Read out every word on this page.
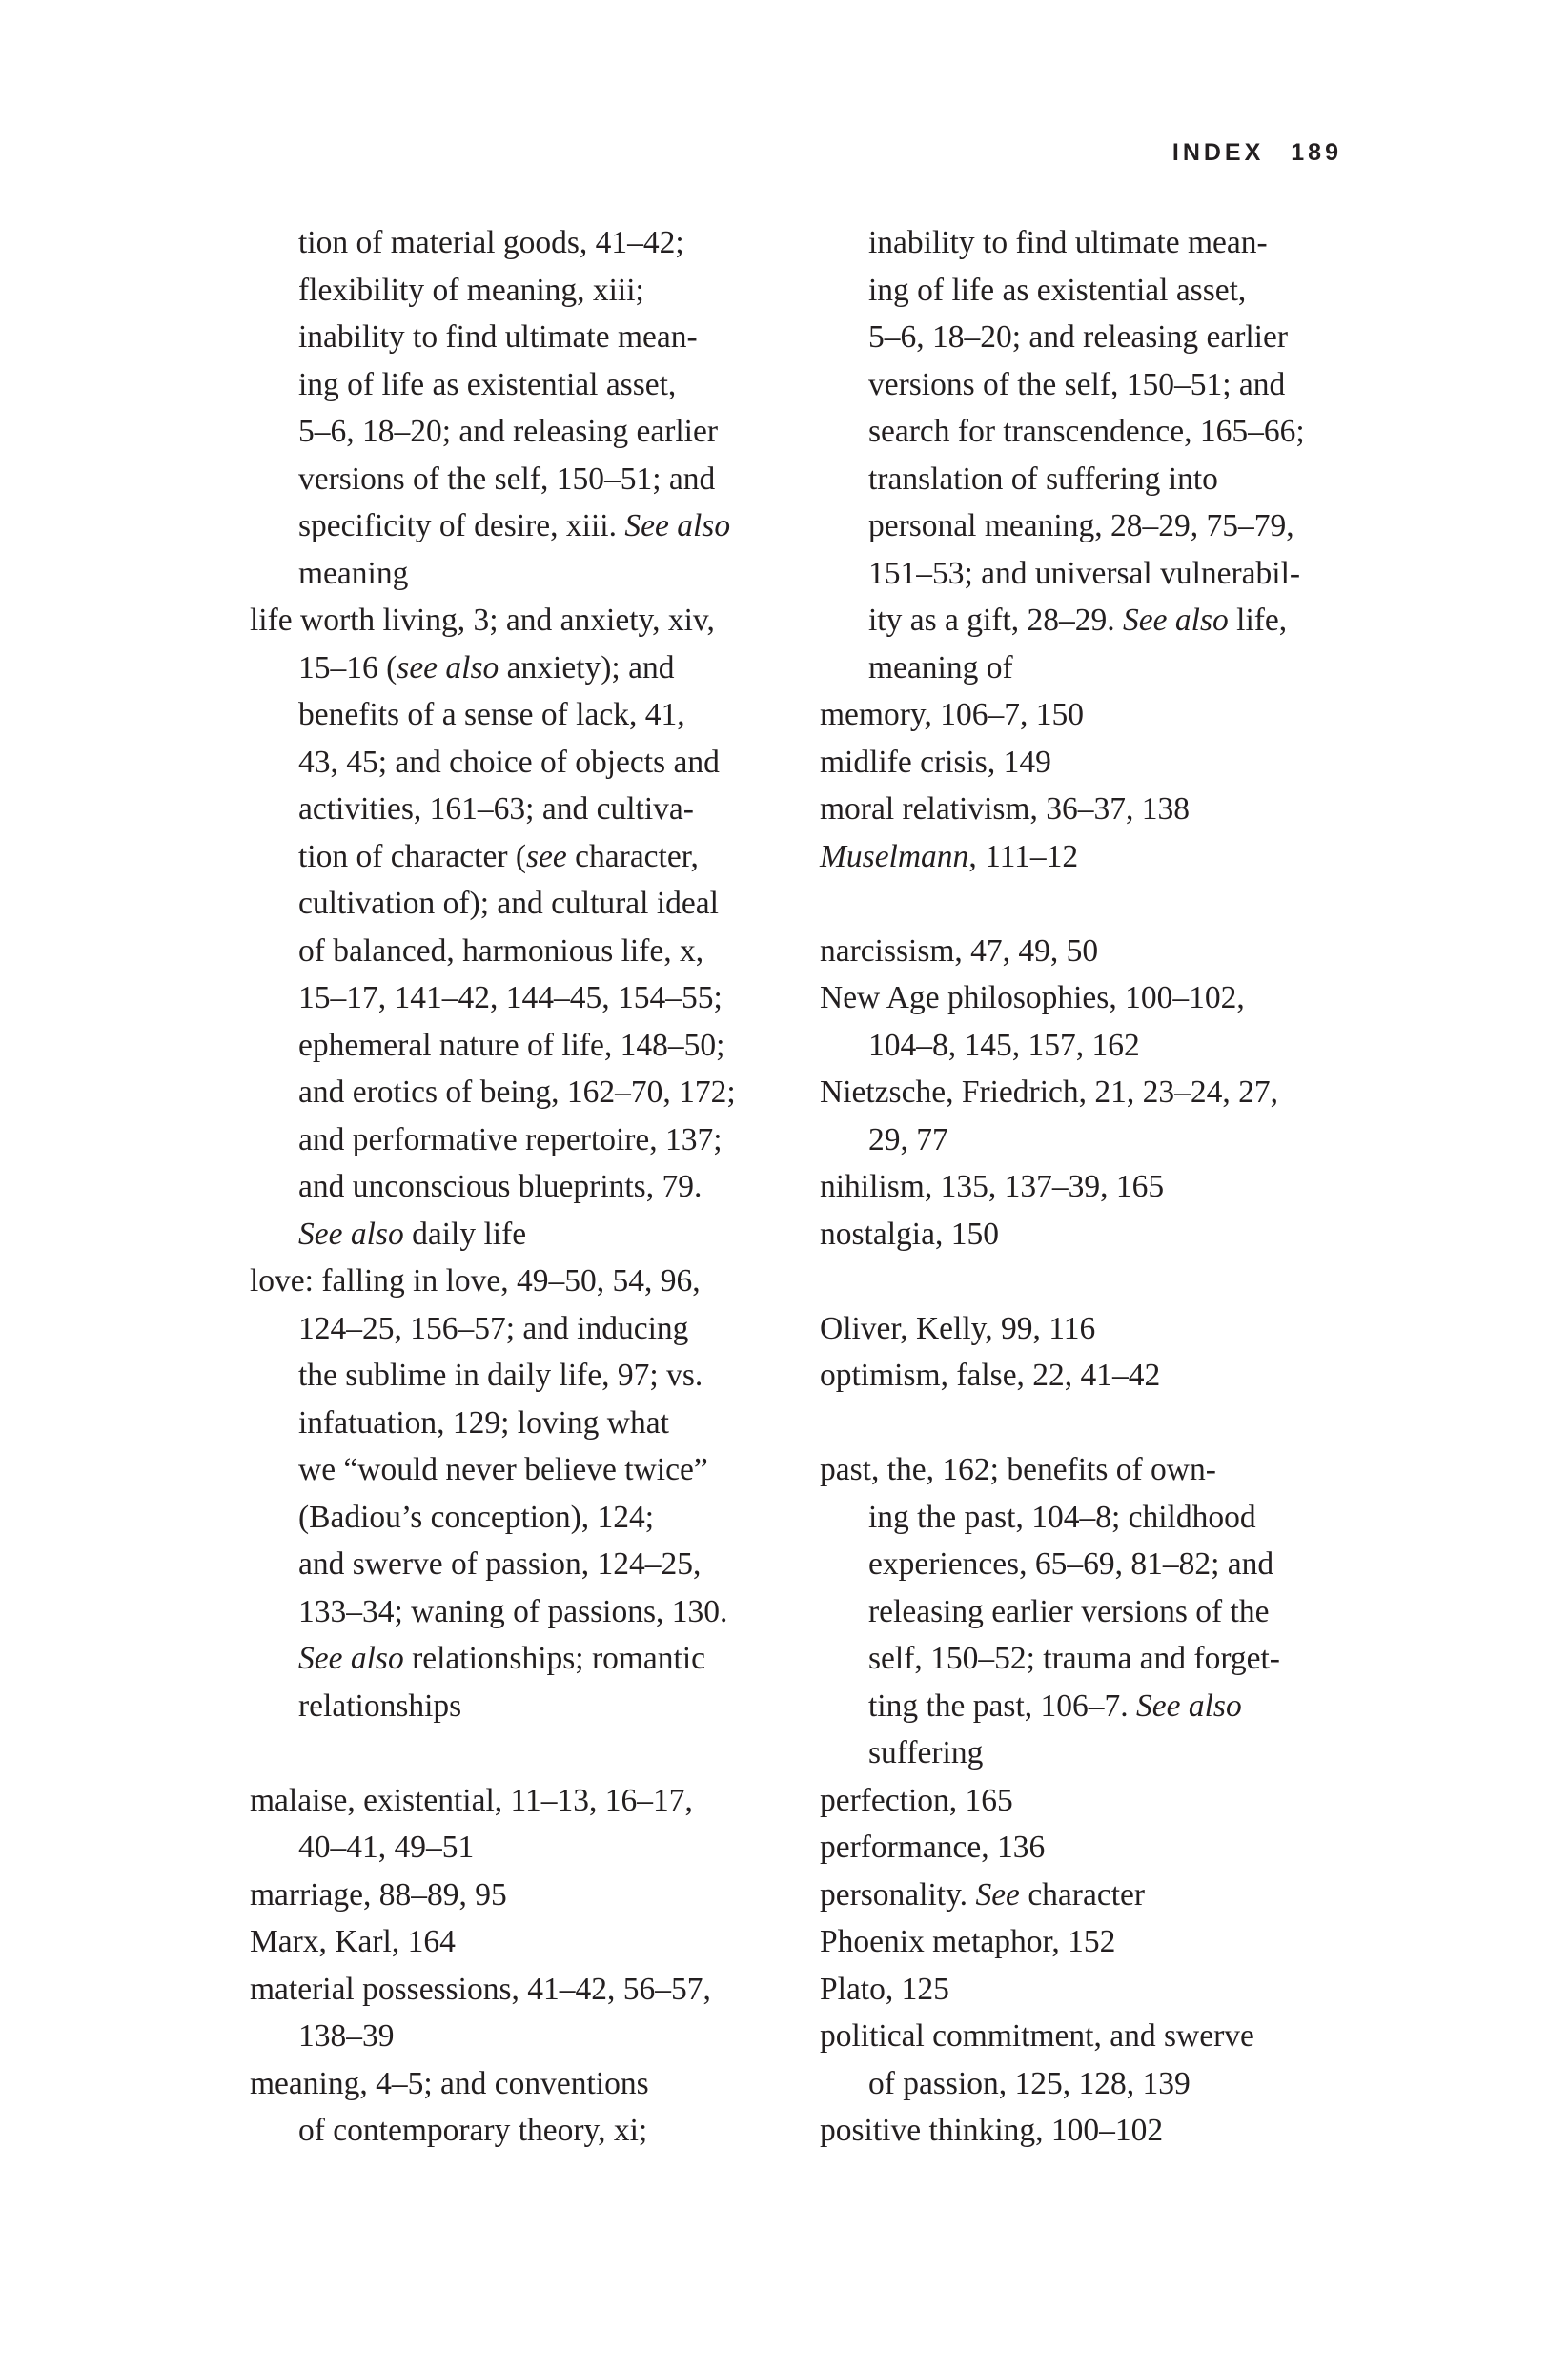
INDEX 189
tion of material goods, 41–42;
flexibility of meaning, xiii;
inability to find ultimate mean-
ing of life as existential asset,
5–6, 18–20; and releasing earlier
versions of the self, 150–51; and
specificity of desire, xiii. See also
meaning
life worth living, 3; and anxiety, xiv,
15–16 (see also anxiety); and
benefits of a sense of lack, 41,
43, 45; and choice of objects and
activities, 161–63; and cultiva-
tion of character (see character,
cultivation of); and cultural ideal
of balanced, harmonious life, x,
15–17, 141–42, 144–45, 154–55;
ephemeral nature of life, 148–50;
and erotics of being, 162–70, 172;
and performative repertoire, 137;
and unconscious blueprints, 79.
See also daily life
love: falling in love, 49–50, 54, 96,
124–25, 156–57; and inducing
the sublime in daily life, 97; vs.
infatuation, 129; loving what
we “would never believe twice”
(Badiou’s conception), 124;
and swerve of passion, 124–25,
133–34; waning of passions, 130.
See also relationships; romantic
relationships
malaise, existential, 11–13, 16–17,
40–41, 49–51
marriage, 88–89, 95
Marx, Karl, 164
material possessions, 41–42, 56–57,
138–39
meaning, 4–5; and conventions
of contemporary theory, xi;
inability to find ultimate mean-
ing of life as existential asset,
5–6, 18–20; and releasing earlier
versions of the self, 150–51; and
search for transcendence, 165–66;
translation of suffering into
personal meaning, 28–29, 75–79,
151–53; and universal vulnerabil-
ity as a gift, 28–29. See also life,
meaning of
memory, 106–7, 150
midlife crisis, 149
moral relativism, 36–37, 138
Muselmann, 111–12
narcissism, 47, 49, 50
New Age philosophies, 100–102,
104–8, 145, 157, 162
Nietzsche, Friedrich, 21, 23–24, 27,
29, 77
nihilism, 135, 137–39, 165
nostalgia, 150
Oliver, Kelly, 99, 116
optimism, false, 22, 41–42
past, the, 162; benefits of own-
ing the past, 104–8; childhood
experiences, 65–69, 81–82; and
releasing earlier versions of the
self, 150–52; trauma and forget-
ting the past, 106–7. See also
suffering
perfection, 165
performance, 136
personality. See character
Phoenix metaphor, 152
Plato, 125
political commitment, and swerve
of passion, 125, 128, 139
positive thinking, 100–102
